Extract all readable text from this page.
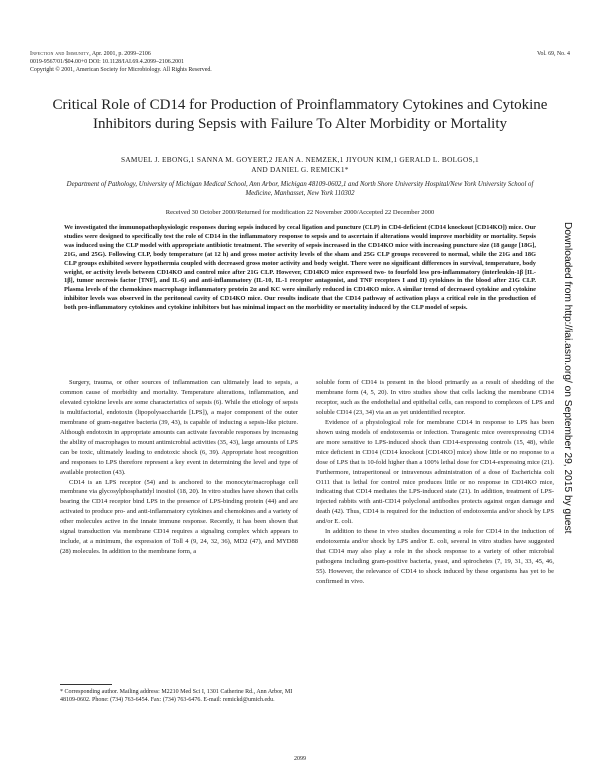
Infection and Immunity, Apr. 2001, p. 2099–2106	Vol. 69, No. 4
0019-9567/01/$04.00+0 DOI: 10.1128/IAI.69.4.2099–2106.2001
Copyright © 2001, American Society for Microbiology. All Rights Reserved.
Critical Role of CD14 for Production of Proinflammatory Cytokines and Cytokine Inhibitors during Sepsis with Failure To Alter Morbidity or Mortality
SAMUEL J. EBONG,1 SANNA M. GOYERT,2 JEAN A. NEMZEK,1 JIYOUN KIM,1 GERALD L. BOLGOS,1
AND DANIEL G. REMICK1*
Department of Pathology, University of Michigan Medical School, Ann Arbor, Michigan 48109-0602,1 and North Shore University Hospital/New York University School of Medicine, Manhasset, New York 110302
Received 30 October 2000/Returned for modification 22 November 2000/Accepted 22 December 2000
We investigated the immunopathophysiologic responses during sepsis induced by cecal ligation and puncture (CLP) in CD4-deficient (CD14 knockout [CD14KO]) mice. Our studies were designed to specifically test the role of CD14 in the inflammatory response to sepsis and to ascertain if alterations would improve morbidity or mortality. Sepsis was induced using the CLP model with appropriate antibiotic treatment. The severity of sepsis increased in the CD14KO mice with increasing puncture size (18 gauge [18G], 21G, and 25G). Following CLP, body temperature (at 12 h) and gross motor activity levels of the sham and 25G CLP groups recovered to normal, while the 21G and 18G CLP groups exhibited severe hypothermia coupled with decreased gross motor activity and body weight. There were no significant differences in survival, temperature, body weight, or activity levels between CD14KO and control mice after 21G CLP. However, CD14KO mice expressed two- to fourfold less pro-inflammatory (interleukin-1β [IL-1β], tumor necrosis factor [TNF], and IL-6) and anti-inflammatory (IL-10, IL-1 receptor antagonist, and TNF receptors I and II) cytokines in the blood after 21G CLP. Plasma levels of the chemokines macrophage inflammatory protein 2α and KC were similarly reduced in CD14KO mice. A similar trend of decreased cytokine and cytokine inhibitor levels was observed in the peritoneal cavity of CD14KO mice. Our results indicate that the CD14 pathway of activation plays a critical role in the production of both pro-inflammatory cytokines and cytokine inhibitors but has minimal impact on the morbidity or mortality induced by the CLP model of sepsis.

Surgery, trauma, or other sources of inflammation can ultimately lead to sepsis, a common cause of morbidity and mortality. Temperature alterations, inflammation, and elevated cytokine levels are some characteristics of sepsis (6). While the etiology of sepsis is multifactorial, endotoxin (lipopolysaccharide [LPS]), a major component of the outer membrane of gram-negative bacteria (39, 43), is capable of inducing a sepsis-like picture. Although endotoxin in appropriate amounts can activate favorable responses by increasing the ability of macrophages to mount antimicrobial activities (35, 43), large amounts of LPS can be toxic, ultimately leading to endotoxic shock (6, 39). Appropriate host recognition and responses to LPS therefore represent a key event in determining the level and type of available protection (43).

CD14 is an LPS receptor (54) and is anchored to the monocyte/macrophage cell membrane via glycosylphosphatidyl inositol (18, 20). In vitro studies have shown that cells bearing the CD14 receptor bind LPS in the presence of LPS-binding protein (44) and are activated to produce pro- and anti-inflammatory cytokines and chemokines and a variety of other molecules active in the innate immune response. Recently, it has been shown that signal transduction via membrane CD14 requires a signaling complex which appears to include, at a minimum, the expression of Toll 4 (9, 24, 32, 36), MD2 (47), and MYD88 (28) molecules. In addition to the membrane form, a

soluble form of CD14 is present in the blood primarily as a result of shedding of the membrane form (4, 5, 20). In vitro studies show that cells lacking the membrane CD14 receptor, such as the endothelial and epithelial cells, can respond to complexes of LPS and soluble CD14 (23, 34) via an as yet unidentified receptor.

Evidence of a physiological role for membrane CD14 in response to LPS has been shown using models of endotoxemia or infection. Transgenic mice overexpressing CD14 are more sensitive to LPS-induced shock than CD14-expressing controls (15, 48), while mice deficient in CD14 (CD14 knockout [CD14KO] mice) show little or no response to a dose of LPS that is 10-fold higher than a 100% lethal dose for CD14-expressing mice (21). Furthermore, intraperitoneal or intravenous administration of a dose of Escherichia coli O111 that is lethal for control mice produces little or no response in CD14KO mice, indicating that CD14 mediates the LPS-induced state (21). In addition, treatment of LPS-injected rabbits with anti-CD14 polyclonal antibodies protects against organ damage and death (42). Thus, CD14 is required for the induction of endotoxemia and/or shock by LPS and/or E. coli.

In addition to these in vivo studies documenting a role for CD14 in the induction of endotoxemia and/or shock by LPS and/or E. coli, several in vitro studies have suggested that CD14 may also play a role in the shock response to a variety of other microbial pathogens including gram-positive bacteria, yeast, and spirochetes (7, 19, 31, 33, 45, 46, 55). However, the relevance of CD14 to shock induced by these organisms has yet to be confirmed in vivo.

* Corresponding author. Mailing address: M2210 Med Sci I, 1301 Catherine Rd., Ann Arbor, MI 48109-0602. Phone: (734) 763-6454. Fax: (734) 763-6476. E-mail: remickd@umich.edu.
2099
Downloaded from http://iai.asm.org/ on September 29, 2015 by guest
